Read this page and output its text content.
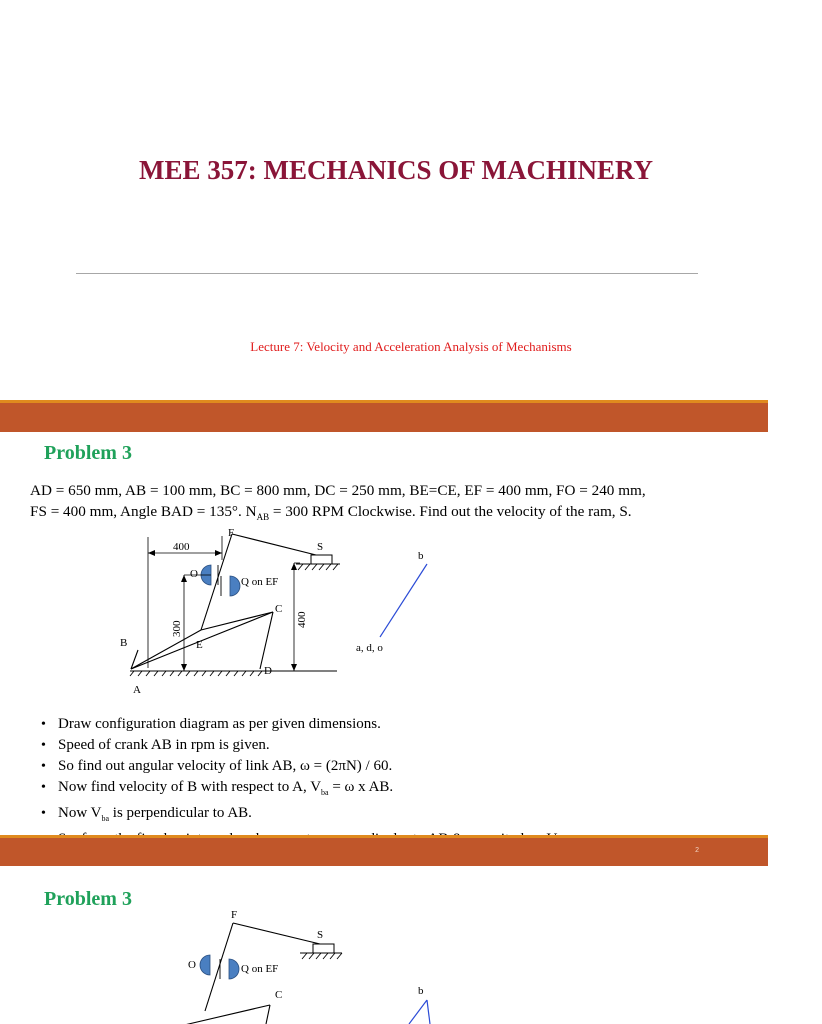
MEE 357: MECHANICS OF MACHINERY
Lecture 7: Velocity and Acceleration Analysis of Mechanisms
Problem 3
AD = 650 mm, AB = 100 mm, BC = 800 mm, DC = 250 mm, BE=CE, EF = 400 mm, FO = 240 mm,
FS = 400 mm, Angle BAD = 135°. $N_{AB} = 300$ RPM Clockwise. Find out the velocity of the ram, S.
F
S
O
Q on EF
C
B	E
D
A
400
300
400
b
a, d, o
• Draw configuration diagram as per given dimensions.
• Speed of crank AB in rpm is given.
• So find out angular velocity of link AB, ω = (2πN) / 60.
• Now find velocity of B with respect to A, $V_{ba} = \omega$ x AB.
• Now $V_{ba}$ is perpendicular to AB.
•
2
Problem 3
F
S
O	Q on EF
C	b
